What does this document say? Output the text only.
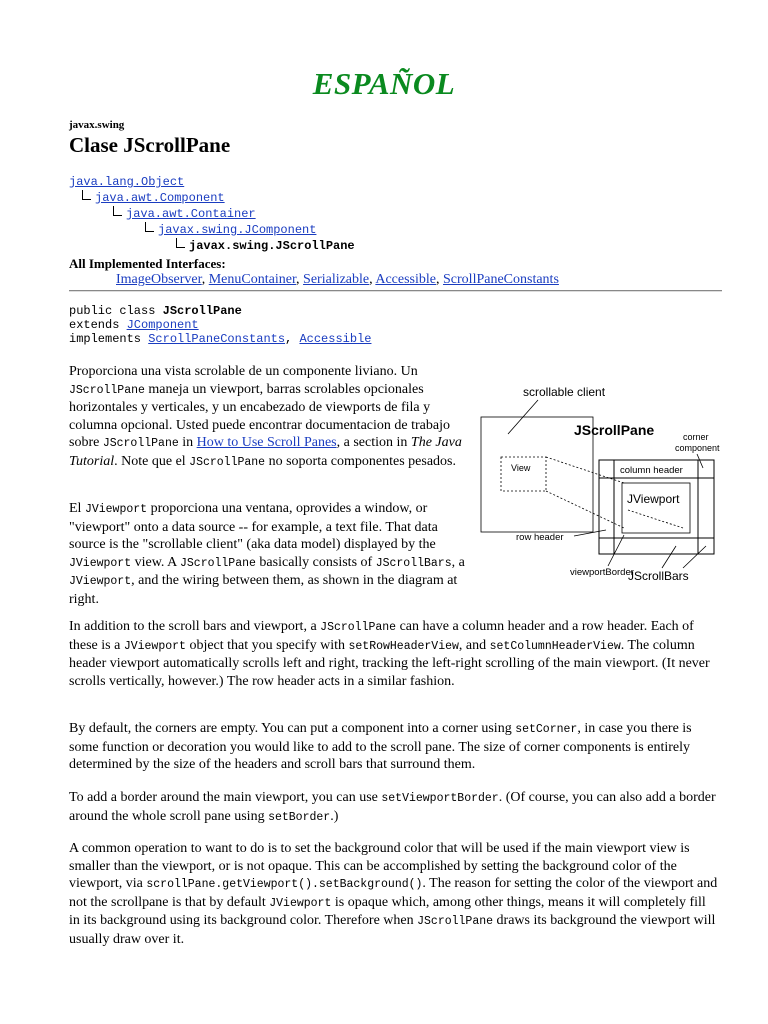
ESPAÑOL
javax.swing
Clase JScrollPane
java.lang.Object
java.awt.Component
java.awt.Container
javax.swing.JComponent
javax.swing.JScrollPane
All Implemented Interfaces:
ImageObserver, MenuContainer, Serializable, Accessible, ScrollPaneConstants
public class JScrollPane
extends JComponent
implements ScrollPaneConstants, Accessible
Proporciona una vista scrolable de un componente liviano. Un JScrollPane maneja un viewport, barras scrolables opcionales horizontales y verticales, y un encabezado de viewports de fila y columna opcional. Usted puede encontrar documentacion de trabajo sobre JScrollPane in How to Use Scroll Panes, a section in The Java Tutorial. Note que el JScrollPane no soporta componentes pesados.
El JViewport proporciona una ventana, oprovides a window, or "viewport" onto a data source -- for example, a text file. That data source is the "scrollable client" (aka data model) displayed by the JViewport view. A JScrollPane basically consists of JScrollBars, a JViewport, and the wiring between them, as shown in the diagram at right.
scrollable client
JScrollPane	corner
component
View	column header
JViewport
row header
viewportBorder
JScrollBars
In addition to the scroll bars and viewport, a JScrollPane can have a column header and a row header. Each of these is a JViewport object that you specify with setRowHeaderView, and setColumnHeaderView. The column header viewport automatically scrolls left and right, tracking the left-right scrolling of the main viewport. (It never scrolls vertically, however.) The row header acts in a similar fashion.
By default, the corners are empty. You can put a component into a corner using setCorner, in case you there is some function or decoration you would like to add to the scroll pane. The size of corner components is entirely determined by the size of the headers and scroll bars that surround them.
To add a border around the main viewport, you can use setViewportBorder. (Of course, you can also add a border around the whole scroll pane using setBorder.)
A common operation to want to do is to set the background color that will be used if the main viewport view is smaller than the viewport, or is not opaque. This can be accomplished by setting the background color of the viewport, via scrollPane.getViewport().setBackground(). The reason for setting the color of the viewport and not the scrollpane is that by default JViewport is opaque which, among other things, means it will completely fill in its background using its background color. Therefore when JScrollPane draws its background the viewport will usually draw over it.
